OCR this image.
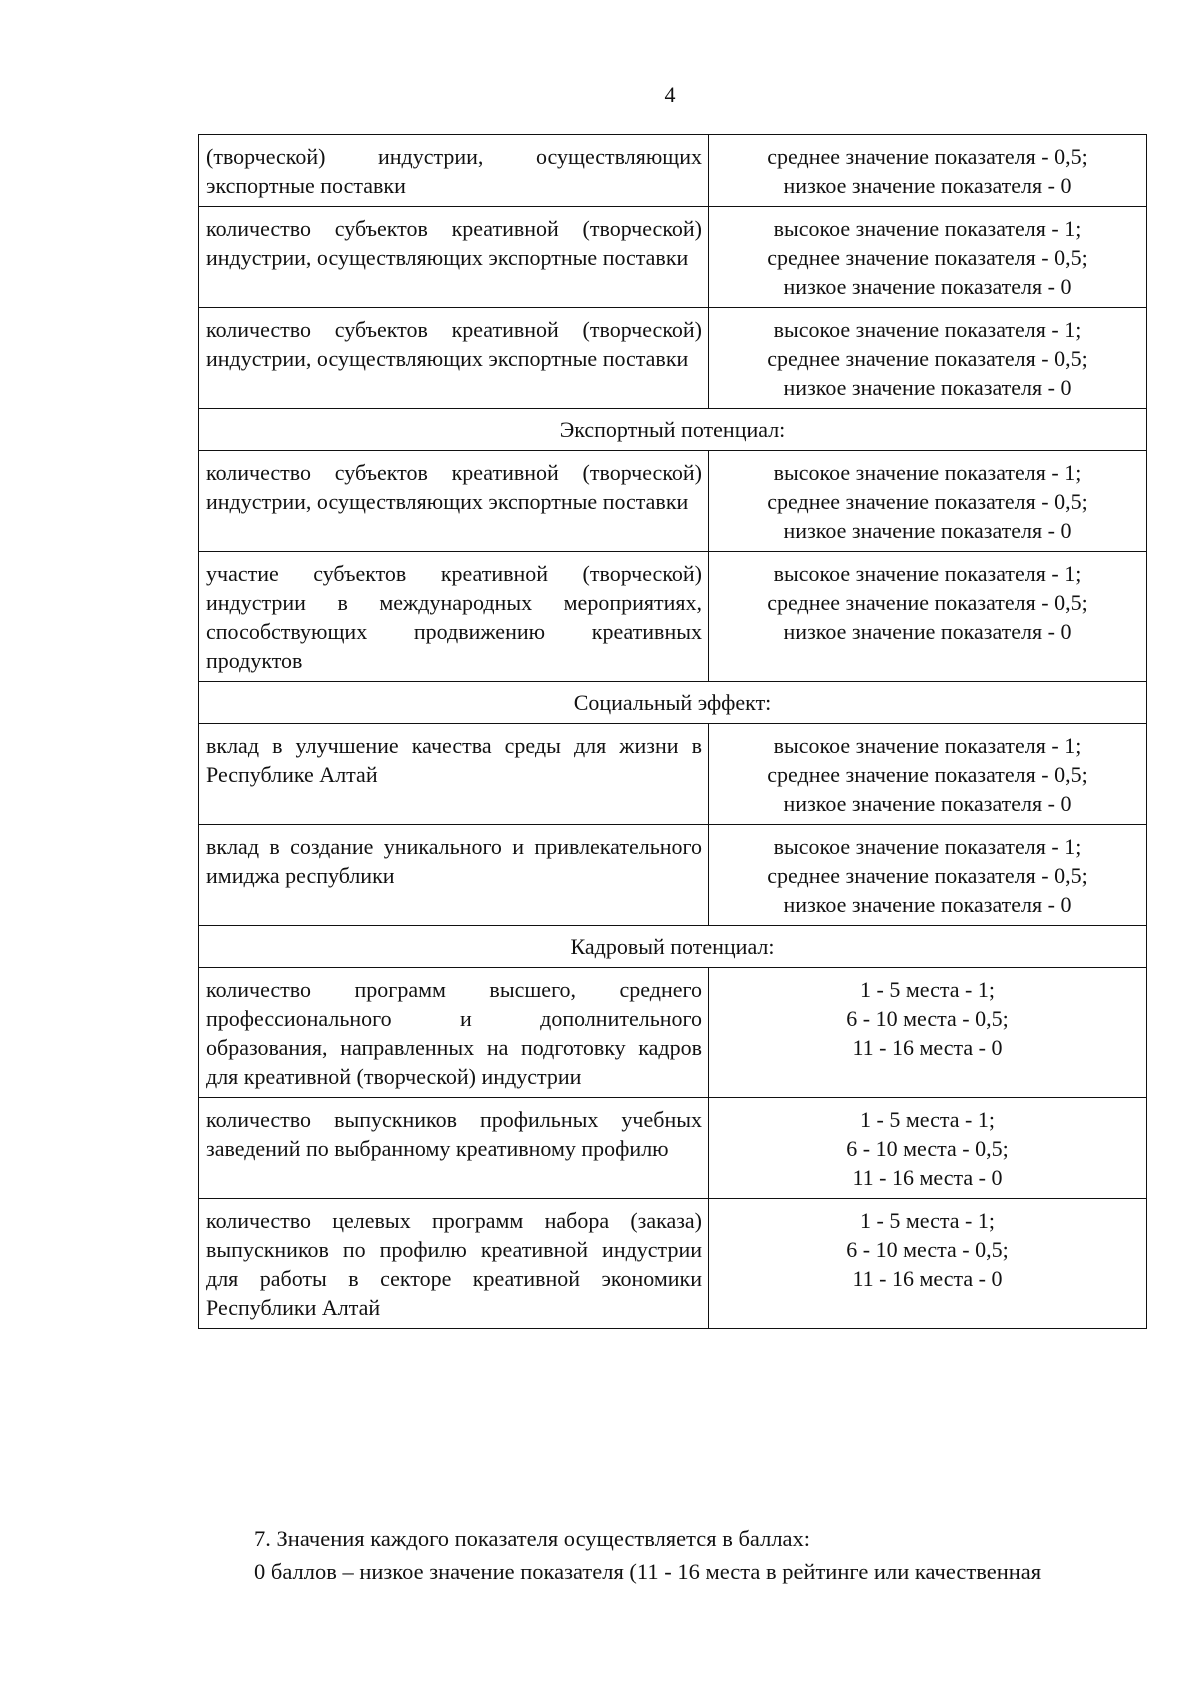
4
(творческой) индустрии, осуществляющих экспортные поставки	среднее значение показателя - 0,5;
низкое значение показателя - 0

количество субъектов креативной (творческой) индустрии, осуществляющих экспортные поставки	высокое значение показателя - 1;
среднее значение показателя - 0,5;
низкое значение показателя - 0

количество субъектов креативной (творческой) индустрии, осуществляющих экспортные поставки	высокое значение показателя - 1;
среднее значение показателя - 0,5;
низкое значение показателя - 0

Экспортный потенциал:	
количество субъектов креативной (творческой) индустрии, осуществляющих экспортные поставки	высокое значение показателя - 1;
среднее значение показателя - 0,5;
низкое значение показателя - 0

участие субъектов креативной (творческой) индустрии в международных мероприятиях, способствующих продвижению креативных продуктов	высокое значение показателя - 1;
среднее значение показателя - 0,5;
низкое значение показателя - 0

Социальный эффект:	
вклад в улучшение качества среды для жизни в Республике Алтай	высокое значение показателя - 1;
среднее значение показателя - 0,5;
низкое значение показателя - 0

вклад в создание уникального и привлекательного имиджа республики	высокое значение показателя - 1;
среднее значение показателя - 0,5;
низкое значение показателя - 0

Кадровый потенциал:	
количество программ высшего, среднего профессионального и дополнительного образования, направленных на подготовку кадров для креативной (творческой) индустрии	1 - 5 места - 1;
6 - 10 места - 0,5;
11 - 16 места - 0

количество выпускников профильных учебных заведений по выбранному креативному профилю	1 - 5 места - 1;
6 - 10 места - 0,5;
11 - 16 места - 0

количество целевых программ набора (заказа) выпускников по профилю креативной индустрии для работы в секторе креативной экономики Республики Алтай	1 - 5 места - 1;
6 - 10 места - 0,5;
11 - 16 места - 0
7. Значения каждого показателя осуществляется в баллах:
0 баллов – низкое значение показателя (11 - 16 места в рейтинге или качественная
